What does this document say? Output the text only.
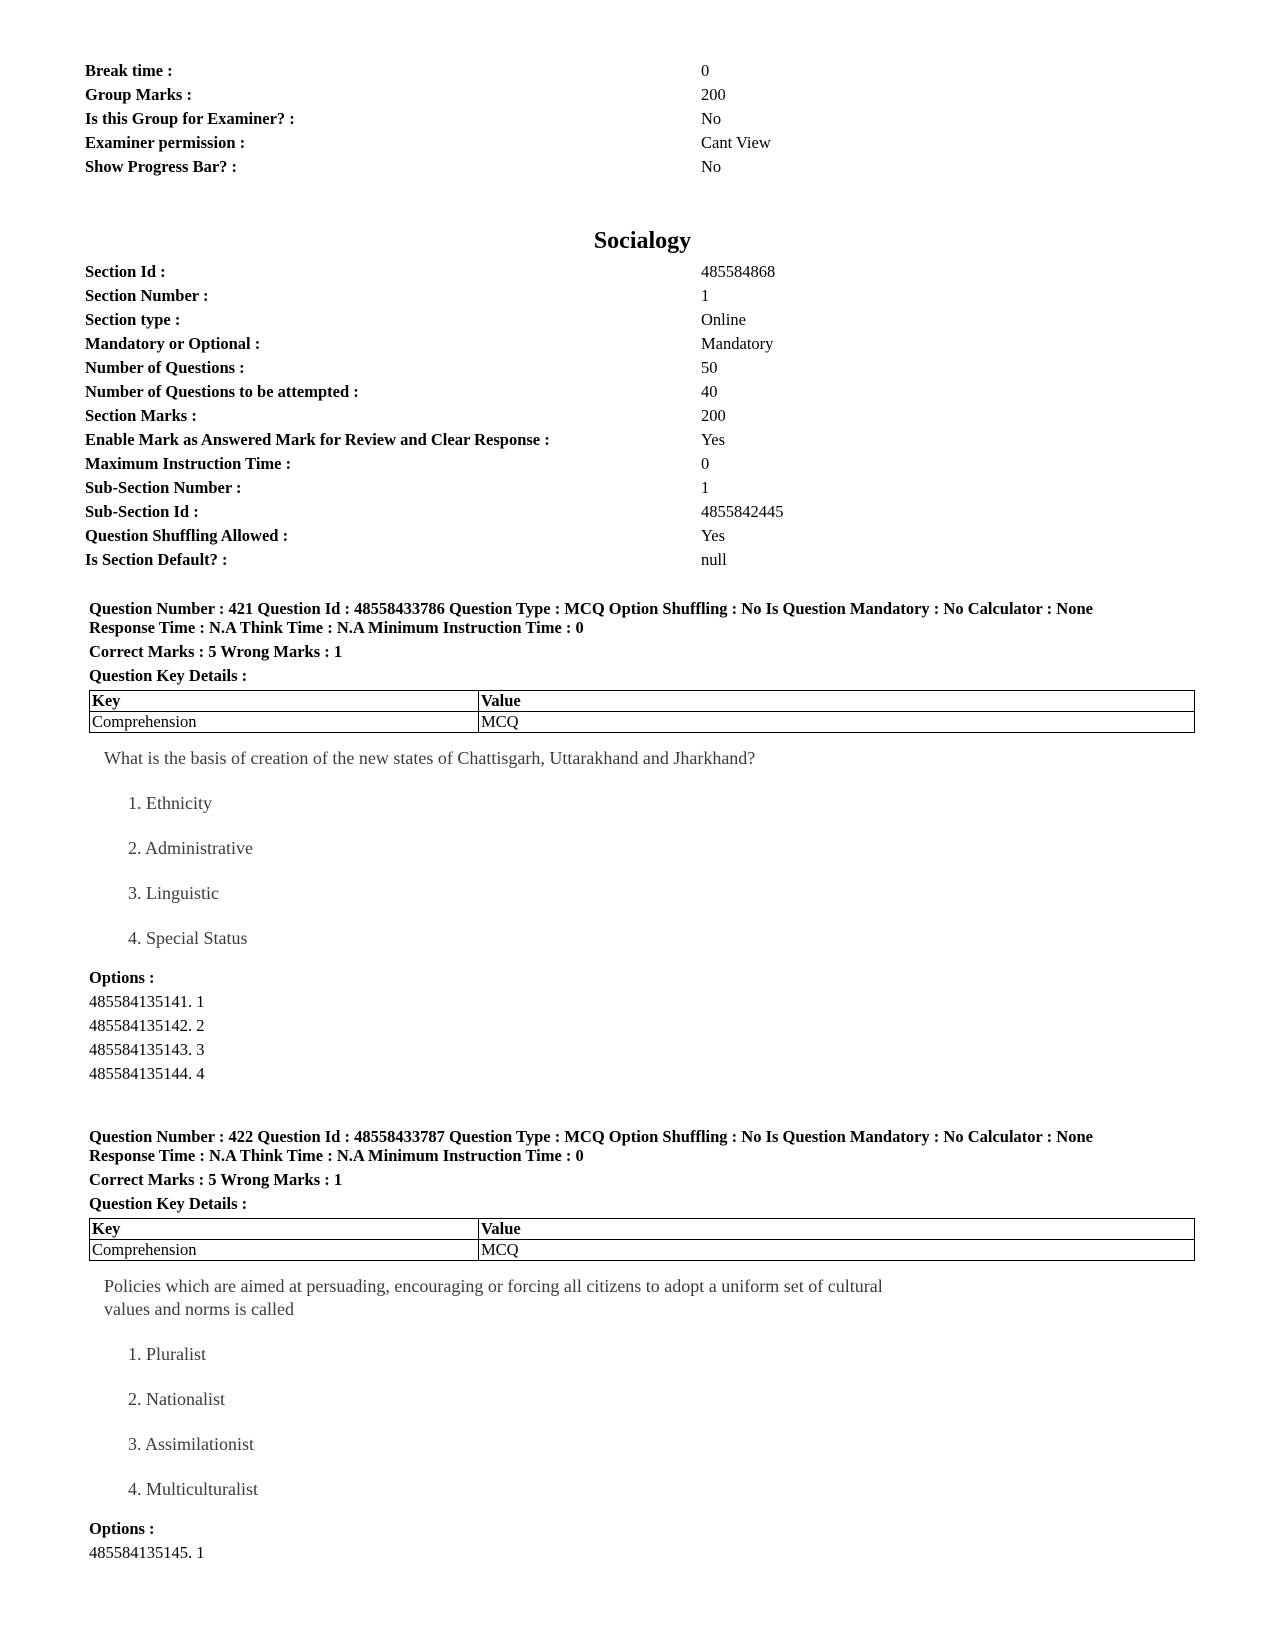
Break time :	0
Group Marks :	200
Is this Group for Examiner? :	No
Examiner permission :	Cant View
Show Progress Bar? :	No
Socialogy
Section Id :	485584868
Section Number :	1
Section type :	Online
Mandatory or Optional :	Mandatory
Number of Questions :	50
Number of Questions to be attempted :	40
Section Marks :	200
Enable Mark as Answered Mark for Review and Clear Response :	Yes
Maximum Instruction Time :	0
Sub-Section Number :	1
Sub-Section Id :	4855842445
Question Shuffling Allowed :	Yes
Is Section Default? :	null
Question Number : 421 Question Id : 48558433786 Question Type : MCQ Option Shuffling : No Is Question Mandatory : No Calculator : None
Response Time : N.A Think Time : N.A Minimum Instruction Time : 0
Correct Marks : 5 Wrong Marks : 1
Question Key Details :
Key	Value
Comprehension	MCQ
What is the basis of creation of the new states of Chattisgarh, Uttarakhand and Jharkhand?
1. Ethnicity
2. Administrative
3. Linguistic
4. Special Status
Options :
485584135141. 1
485584135142. 2
485584135143. 3
485584135144. 4
Question Number : 422 Question Id : 48558433787 Question Type : MCQ Option Shuffling : No Is Question Mandatory : No Calculator : None
Response Time : N.A Think Time : N.A Minimum Instruction Time : 0
Correct Marks : 5 Wrong Marks : 1
Question Key Details :
Key	Value
Comprehension	MCQ
Policies which are aimed at persuading, encouraging or forcing all citizens to adopt a uniform set of cultural
values and norms is called
1. Pluralist
2. Nationalist
3. Assimilationist
4. Multiculturalist
Options :
485584135145. 1
